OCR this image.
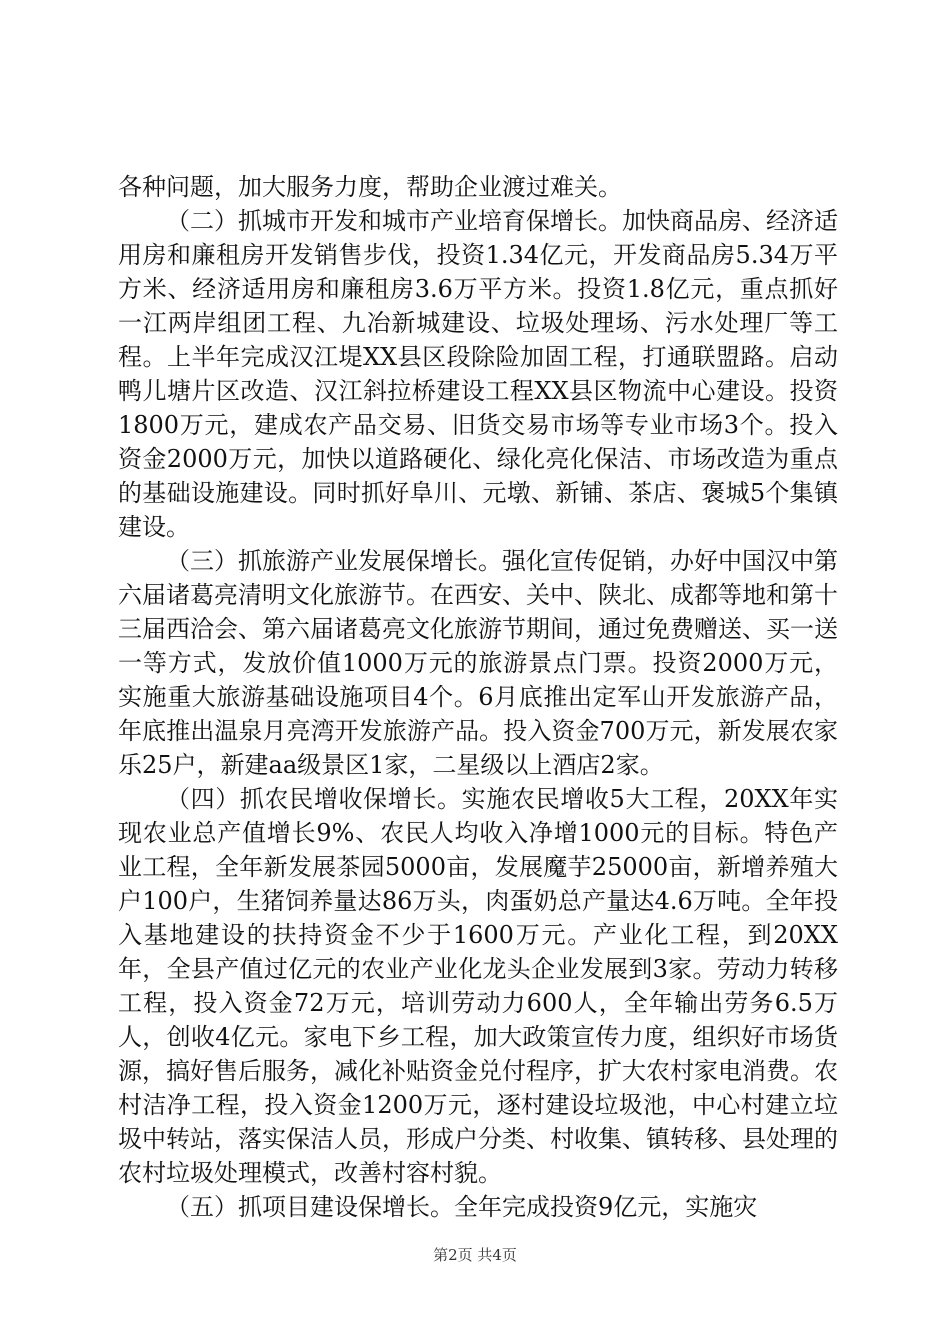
各种问题，加大服务力度，帮助企业渡过难关。

（二）抓城市开发和城市产业培育保增长。加快商品房、经济适用房和廉租房开发销售步伐，投资1.34亿元，开发商品房5.34万平方米、经济适用房和廉租房3.6万平方米。投资1.8亿元，重点抓好一江两岸组团工程、九冶新城建设、垃圾处理场、污水处理厂等工程。上半年完成汉江堤XX县区段除险加固工程，打通联盟路。启动鸭儿塘片区改造、汉江斜拉桥建设工程XX县区物流中心建设。投资1800万元，建成农产品交易、旧货交易市场等专业市场3个。投入资金2000万元，加快以道路硬化、绿化亮化保洁、市场改造为重点的基础设施建设。同时抓好阜川、元墩、新铺、茶店、褒城5个集镇建设。

（三）抓旅游产业发展保增长。强化宣传促销，办好中国汉中第六届诸葛亮清明文化旅游节。在西安、关中、陕北、成都等地和第十三届西洽会、第六届诸葛亮文化旅游节期间，通过免费赠送、买一送一等方式，发放价值1000万元的旅游景点门票。投资2000万元，实施重大旅游基础设施项目4个。6月底推出定军山开发旅游产品，年底推出温泉月亮湾开发旅游产品。投入资金700万元，新发展农家乐25户，新建aa级景区1家，二星级以上酒店2家。

（四）抓农民增收保增长。实施农民增收5大工程，20XX年实现农业总产值增长9%、农民人均收入净增1000元的目标。特色产业工程，全年新发展茶园5000亩，发展魔芋25000亩，新增养殖大户100户，生猪饲养量达86万头，肉蛋奶总产量达4.6万吨。全年投入基地建设的扶持资金不少于1600万元。产业化工程，到20XX年，全县产值过亿元的农业产业化龙头企业发展到3家。劳动力转移工程，投入资金72万元，培训劳动力600人，全年输出劳务6.5万人，创收4亿元。家电下乡工程，加大政策宣传力度，组织好市场货源，搞好售后服务，减化补贴资金兑付程序，扩大农村家电消费。农村洁净工程，投入资金1200万元，逐村建设垃圾池，中心村建立垃圾中转站，落实保洁人员，形成户分类、村收集、镇转移、县处理的农村垃圾处理模式，改善村容村貌。

（五）抓项目建设保增长。全年完成投资9亿元，实施灾

第2页 共4页
